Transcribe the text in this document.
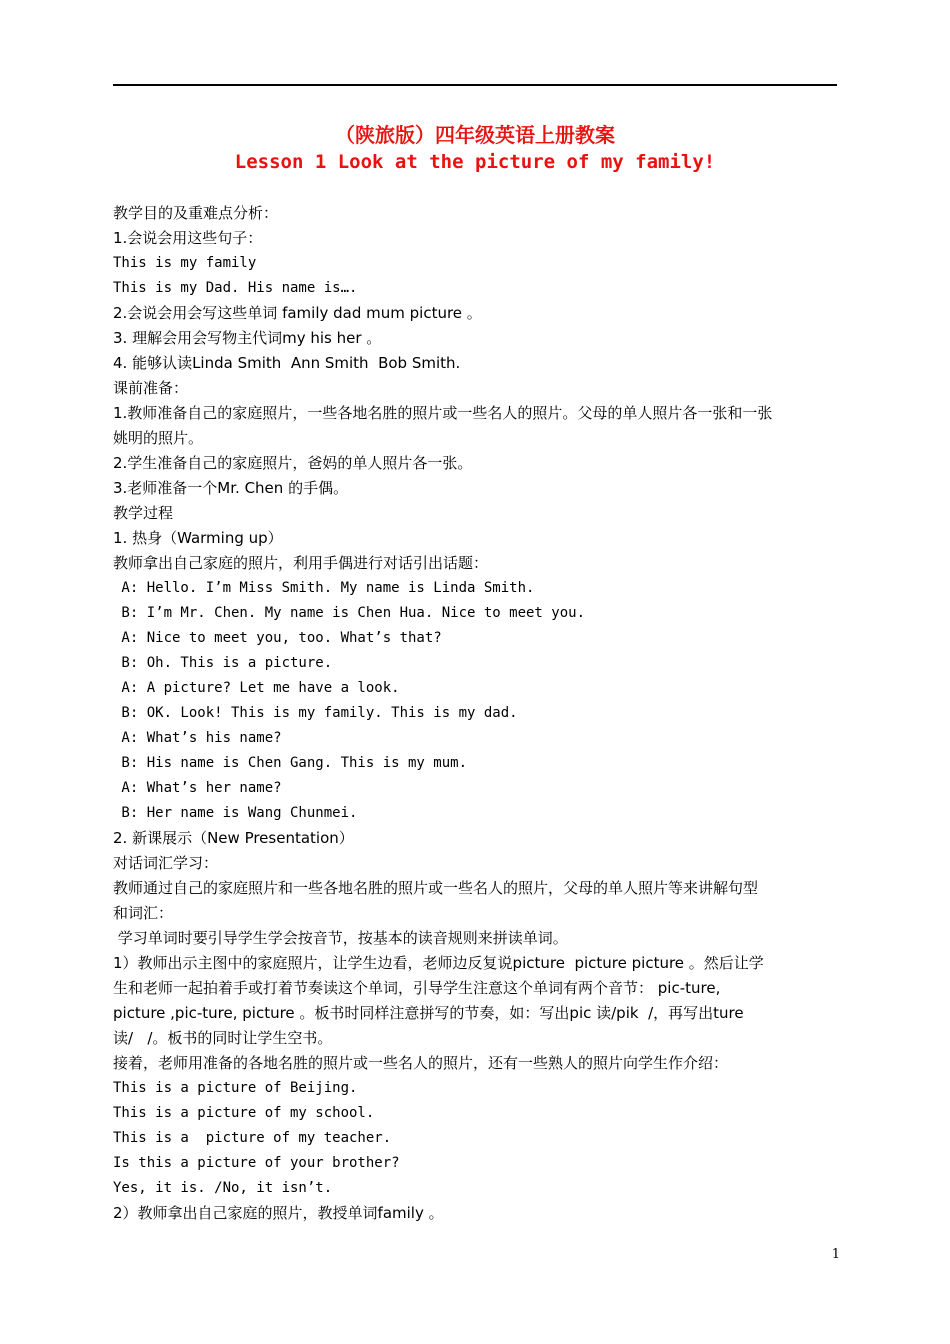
（陕旅版）四年级英语上册教案
Lesson 1 Look at the picture of my family!
教学目的及重难点分析：
1.会说会用这些句子：
This is my family
This is my Dad. His name is….
2.会说会用会写这些单词 family dad mum picture 。
3. 理解会用会写物主代词my his her 。
4. 能够认读Linda Smith  Ann Smith  Bob Smith.
课前准备：
1.教师准备自己的家庭照片，一些各地名胜的照片或一些名人的照片。父母的单人照片各一张和一张
姚明的照片。
2.学生准备自己的家庭照片，爸妈的单人照片各一张。
3.老师准备一个Mr. Chen 的手偶。
教学过程
1. 热身（Warming up）
教师拿出自己家庭的照片，利用手偶进行对话引出话题：
A: Hello. I’m Miss Smith. My name is Linda Smith.
B: I’m Mr. Chen. My name is Chen Hua. Nice to meet you.
A: Nice to meet you, too. What’s that?
B: Oh. This is a picture.
A: A picture? Let me have a look.
B: OK. Look! This is my family. This is my dad.
A: What’s his name?
B: His name is Chen Gang. This is my mum.
A: What’s her name?
B: Her name is Wang Chunmei.
2. 新课展示（New Presentation）
对话词汇学习：
教师通过自己的家庭照片和一些各地名胜的照片或一些名人的照片，父母的单人照片等来讲解句型
和词汇：
学习单词时要引导学生学会按音节，按基本的读音规则来拼读单词。
1）教师出示主图中的家庭照片，让学生边看，老师边反复说picture  picture picture 。然后让学
生和老师一起拍着手或打着节奏读这个单词，引导学生注意这个单词有两个音节： pic-ture,
picture ,pic-ture, picture 。板书时同样注意拼写的节奏，如：写出pic 读/pik  /，再写出ture
读/   /。板书的同时让学生空书。
接着，老师用准备的各地名胜的照片或一些名人的照片，还有一些熟人的照片向学生作介绍：
This is a picture of Beijing.
This is a picture of my school.
This is a  picture of my teacher.
Is this a picture of your brother?
Yes, it is. /No, it isn’t.
2）教师拿出自己家庭的照片，教授单词family 。
1
